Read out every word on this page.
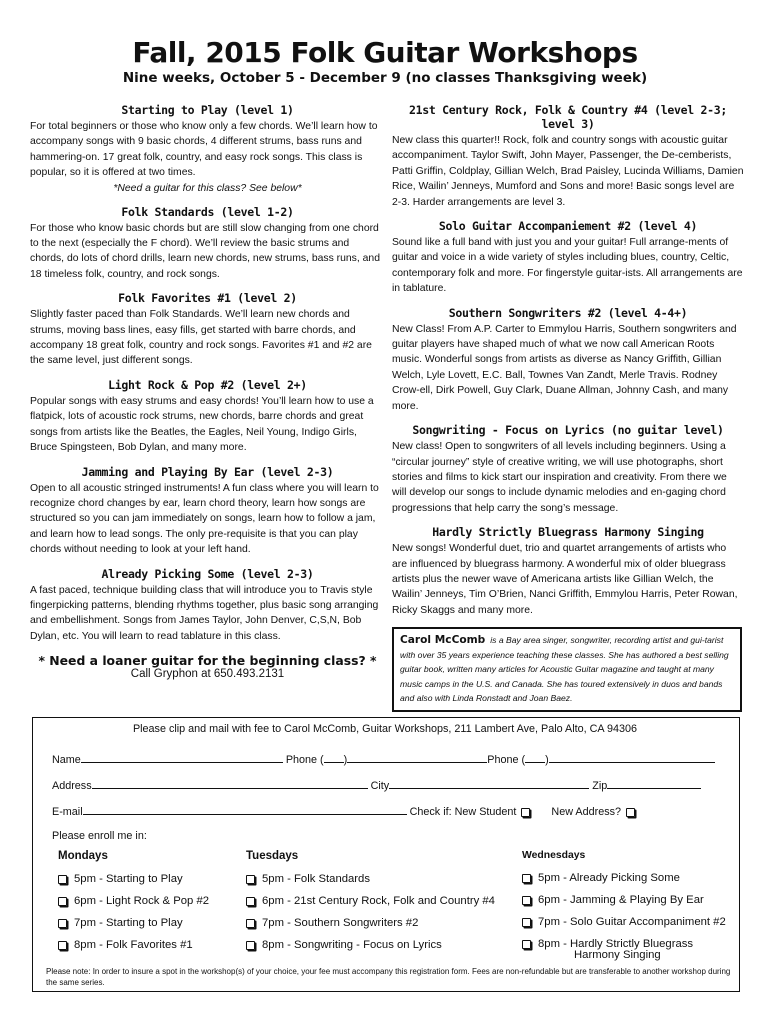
Fall, 2015 Folk Guitar Workshops
Nine weeks, October 5 - December 9 (no classes Thanksgiving week)
Starting to Play (level 1)

For total beginners or those who know only a few chords. We’ll learn how to accompany songs with 9 basic chords, 4 different strums, bass runs and hammering-on. 17 great folk, country, and easy rock songs. This class is popular, so it is offered at two times.

*Need a guitar for this class? See below*
Folk Standards (level 1-2)

For those who know basic chords but are still slow changing from one chord to the next (especially the F chord). We’ll review the basic strums and chords, do lots of chord drills, learn new chords, new strums, bass runs, and 18 timeless folk, country, and rock songs.

Folk Favorites #1 (level 2)

Slightly faster paced than Folk Standards. We’ll learn new chords and strums, moving bass lines, easy fills, get started with barre chords, and accompany 18 great folk, country and rock songs. Favorites #1 and #2 are the same level, just different songs.

Light Rock & Pop #2 (level 2+)

Popular songs with easy strums and easy chords! You’ll learn how to use a flatpick, lots of acoustic rock strums, new chords, barre chords and great songs from artists like the Beatles, the Eagles, Neil Young, Indigo Girls, Bruce Spingsteen, Bob Dylan, and many more.

Jamming and Playing By Ear (level 2-3)

Open to all acoustic stringed instruments! A fun class where you will learn to recognize chord changes by ear, learn chord theory, learn how songs are structured so you can jam immediately on songs, learn how to follow a jam, and learn how to lead songs. The only pre-requisite is that you can play chords without needing to look at your left hand.

Already Picking Some (level 2-3)

A fast paced, technique building class that will introduce you to Travis style fingerpicking patterns, blending rhythms together, plus basic song arranging and embellishment. Songs from James Taylor, John Denver, C,S,N, Bob Dylan, etc. You will learn to read tablature in this class.

* Need a loaner guitar for the beginning class? *
Call Gryphon at 650.493.2131
21st Century Rock, Folk & Country #4 (level 2-3; level 3)

New class this quarter!! Rock, folk and country songs with acoustic guitar accompaniment. Taylor Swift, John Mayer, Passenger, the De-cemberists, Patti Griffin, Coldplay, Gillian Welch, Brad Paisley, Lucinda Williams, Damien Rice, Wailin’ Jenneys, Mumford and Sons and more! Basic songs level are 2-3. Harder arrangements are level 3.

Solo Guitar Accompaniement #2 (level 4)

Sound like a full band with just you and your guitar! Full arrange-ments of guitar and voice in a wide variety of styles including blues, country, Celtic, contemporary folk and more. For fingerstyle guitar-ists. All arrangements are in tablature.

Southern Songwriters #2 (level 4-4+)

New Class! From A.P. Carter to Emmylou Harris, Southern songwriters and guitar players have shaped much of what we now call American Roots music. Wonderful songs from artists as diverse as Nancy Griffith, Gillian Welch, Lyle Lovett, E.C. Ball, Townes Van Zandt, Merle Travis. Rodney Crow-ell, Dirk Powell, Guy Clark, Duane Allman, Johnny Cash, and many more.

Songwriting - Focus on Lyrics (no guitar level)

New class! Open to songwriters of all levels including beginners. Using a “circular journey” style of creative writing, we will use photographs, short stories and films to kick start our inspiration and creativity. From there we will develop our songs to include dynamic melodies and en-gaging chord progressions that help carry the song’s message.

Hardly Strictly Bluegrass Harmony Singing

New songs! Wonderful duet, trio and quartet arrangements of artists who are influenced by bluegrass harmony. A wonderful mix of older bluegrass artists plus the newer wave of Americana artists like Gillian Welch, the Wailin’ Jenneys, Tim O’Brien, Nanci Griffith, Emmylou Harris, Peter Rowan, Ricky Skaggs and many more.

Carol McComb is a Bay area singer, songwriter, recording artist and gui-tarist with over 35 years experience teaching these classes. She has authored a best selling guitar book, written many articles for Acoustic Guitar magazine and taught at many music camps in the U.S. and Canada. She has toured extensively in duos and bands and also with Linda Ronstadt and Joan Baez.

Please clip and mail with fee to Carol McComb, Guitar Workshops, 211 Lambert Ave, Palo Alto, CA 94306
Name	Phone ( )	Phone ( )
Address	City	Zip
E-mail	Check if: New Student	New Address?
Please enroll me in:
Mondays
5pm - Starting to Play
6pm - Light Rock & Pop #2
7pm - Starting to Play
8pm - Folk Favorites #1
Tuesdays
5pm - Folk Standards
6pm - 21st Century Rock, Folk and Country #4
7pm - Southern Songwriters #2
8pm - Songwriting - Focus on Lyrics
Wednesdays
5pm - Already Picking Some
6pm - Jamming & Playing By Ear
7pm - Solo Guitar Accompaniment #2
8pm - Hardly Strictly Bluegrass
Harmony Singing
Please note: In order to insure a spot in the workshop(s) of your choice, your fee must accompany this registration form. Fees are non-refundable but are transferable to another workshop during the same series.
